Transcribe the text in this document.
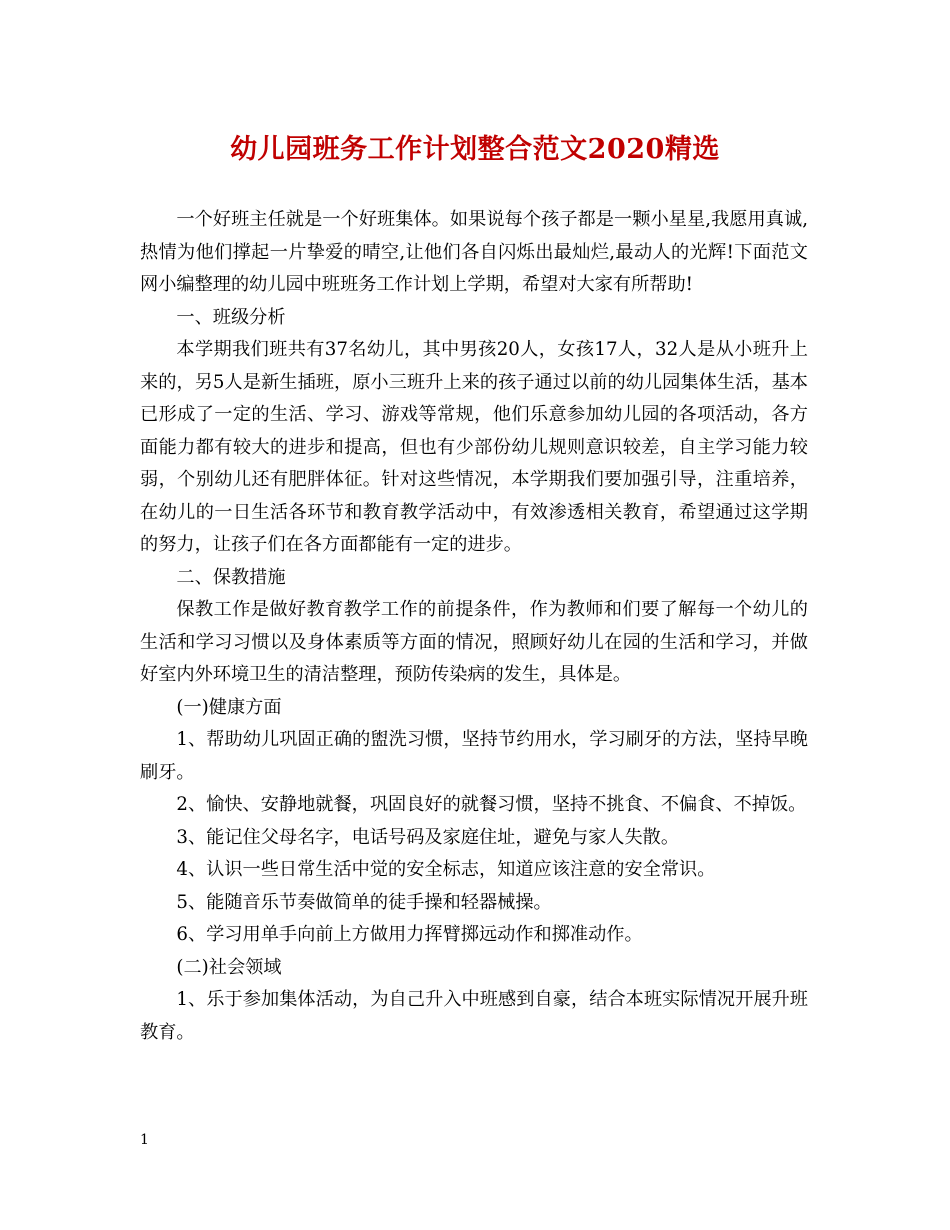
幼儿园班务工作计划整合范文2020精选

一个好班主任就是一个好班集体。如果说每个孩子都是一颗小星星,我愿用真诚,热情为他们撑起一片挚爱的晴空,让他们各自闪烁出最灿烂,最动人的光辉!下面范文网小编整理的幼儿园中班班务工作计划上学期，希望对大家有所帮助!

一、班级分析

本学期我们班共有37名幼儿，其中男孩20人，女孩17人，32人是从小班升上来的，另5人是新生插班，原小三班升上来的孩子通过以前的幼儿园集体生活，基本已形成了一定的生活、学习、游戏等常规，他们乐意参加幼儿园的各项活动，各方面能力都有较大的进步和提高，但也有少部份幼儿规则意识较差，自主学习能力较弱，个别幼儿还有肥胖体征。针对这些情况，本学期我们要加强引导，注重培养，在幼儿的一日生活各环节和教育教学活动中，有效渗透相关教育，希望通过这学期的努力，让孩子们在各方面都能有一定的进步。

二、保教措施

保教工作是做好教育教学工作的前提条件，作为教师和们要了解每一个幼儿的生活和学习习惯以及身体素质等方面的情况，照顾好幼儿在园的生活和学习，并做好室内外环境卫生的清洁整理，预防传染病的发生，具体是。

(一)健康方面

1、帮助幼儿巩固正确的盥洗习惯，坚持节约用水，学习刷牙的方法，坚持早晚刷牙。

2、愉快、安静地就餐，巩固良好的就餐习惯，坚持不挑食、不偏食、不掉饭。

3、能记住父母名字，电话号码及家庭住址，避免与家人失散。

4、认识一些日常生活中觉的安全标志，知道应该注意的安全常识。

5、能随音乐节奏做简单的徒手操和轻器械操。

6、学习用单手向前上方做用力挥臂掷远动作和掷准动作。

(二)社会领域

1、乐于参加集体活动，为自己升入中班感到自豪，结合本班实际情况开展升班教育。

1
